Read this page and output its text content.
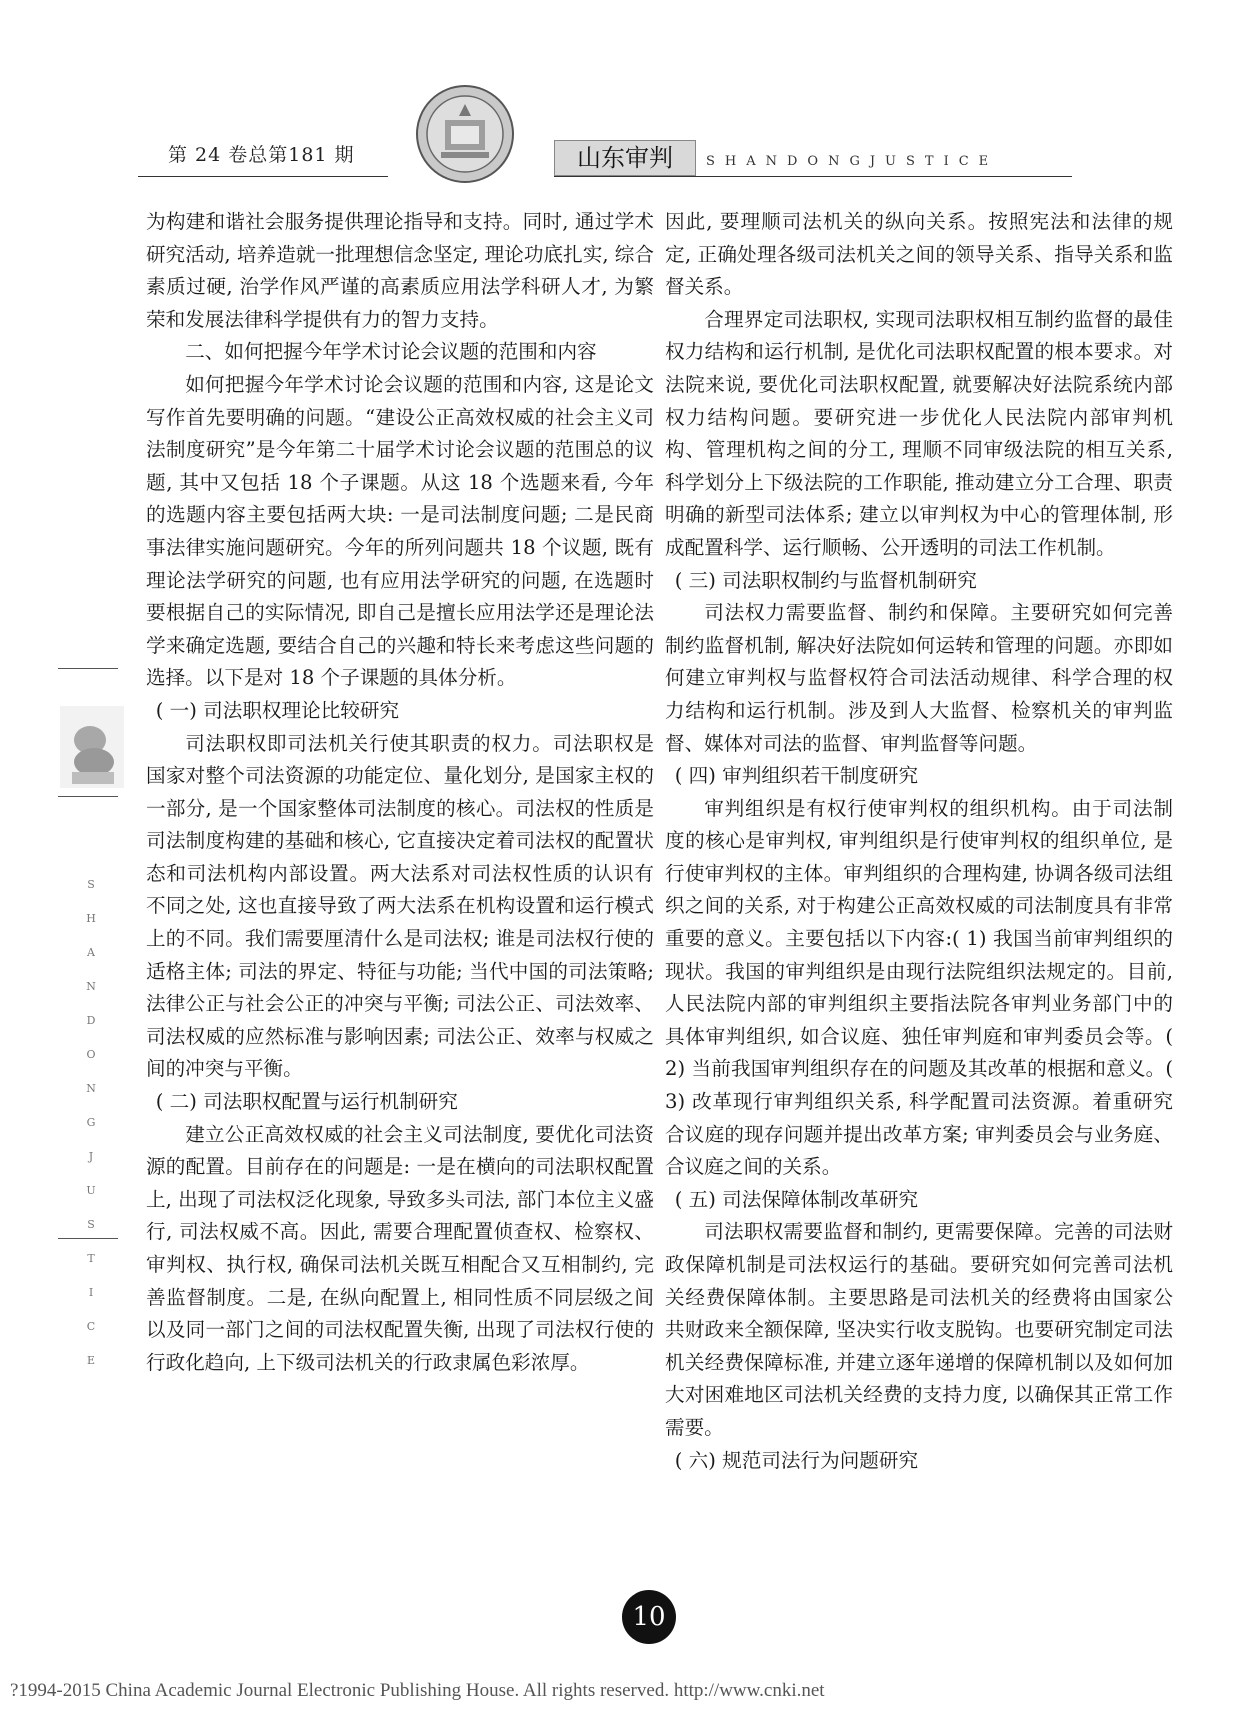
第 24 卷总第181 期	山东审判	SHANDONGJUSTICE
S
H
A
N
D
O
N
G
J
U
S
T
I
C
E

为构建和谐社会服务提供理论指导和支持。同时, 通过学术研究活动, 培养造就一批理想信念坚定, 理论功底扎实, 综合素质过硬, 治学作风严谨的高素质应用法学科研人才, 为繁荣和发展法律科学提供有力的智力支持。

二、如何把握今年学术讨论会议题的范围和内容

如何把握今年学术讨论会议题的范围和内容, 这是论文写作首先要明确的问题。“建设公正高效权威的社会主义司法制度研究”是今年第二十届学术讨论会议题的范围总的议题, 其中又包括 18 个子课题。从这 18 个选题来看, 今年的选题内容主要包括两大块: 一是司法制度问题; 二是民商事法律实施问题研究。今年的所列问题共 18 个议题, 既有理论法学研究的问题, 也有应用法学研究的问题, 在选题时要根据自己的实际情况, 即自己是擅长应用法学还是理论法学来确定选题, 要结合自己的兴趣和特长来考虑这些问题的选择。以下是对 18 个子课题的具体分析。

( 一) 司法职权理论比较研究

司法职权即司法机关行使其职责的权力。司法职权是国家对整个司法资源的功能定位、量化划分, 是国家主权的一部分, 是一个国家整体司法制度的核心。司法权的性质是司法制度构建的基础和核心, 它直接决定着司法权的配置状态和司法机构内部设置。两大法系对司法权性质的认识有不同之处, 这也直接导致了两大法系在机构设置和运行模式上的不同。我们需要厘清什么是司法权; 谁是司法权行使的适格主体; 司法的界定、特征与功能; 当代中国的司法策略; 法律公正与社会公正的冲突与平衡; 司法公正、司法效率、司法权威的应然标准与影响因素; 司法公正、效率与权威之间的冲突与平衡。

( 二) 司法职权配置与运行机制研究

建立公正高效权威的社会主义司法制度, 要优化司法资源的配置。目前存在的问题是: 一是在横向的司法职权配置上, 出现了司法权泛化现象, 导致多头司法, 部门本位主义盛行, 司法权威不高。因此, 需要合理配置侦查权、检察权、审判权、执行权, 确保司法机关既互相配合又互相制约, 完善监督制度。二是, 在纵向配置上, 相同性质不同层级之间以及同一部门之间的司法权配置失衡, 出现了司法权行使的行政化趋向, 上下级司法机关的行政隶属色彩浓厚。

因此, 要理顺司法机关的纵向关系。按照宪法和法律的规定, 正确处理各级司法机关之间的领导关系、指导关系和监督关系。

合理界定司法职权, 实现司法职权相互制约监督的最佳权力结构和运行机制, 是优化司法职权配置的根本要求。对法院来说, 要优化司法职权配置, 就要解决好法院系统内部权力结构问题。要研究进一步优化人民法院内部审判机构、管理机构之间的分工, 理顺不同审级法院的相互关系, 科学划分上下级法院的工作职能, 推动建立分工合理、职责明确的新型司法体系; 建立以审判权为中心的管理体制, 形成配置科学、运行顺畅、公开透明的司法工作机制。

( 三) 司法职权制约与监督机制研究

司法权力需要监督、制约和保障。主要研究如何完善制约监督机制, 解决好法院如何运转和管理的问题。亦即如何建立审判权与监督权符合司法活动规律、科学合理的权力结构和运行机制。涉及到人大监督、检察机关的审判监督、媒体对司法的监督、审判监督等问题。

( 四) 审判组织若干制度研究

审判组织是有权行使审判权的组织机构。由于司法制度的核心是审判权, 审判组织是行使审判权的组织单位, 是行使审判权的主体。审判组织的合理构建, 协调各级司法组织之间的关系, 对于构建公正高效权威的司法制度具有非常重要的意义。主要包括以下内容:( 1) 我国当前审判组织的现状。我国的审判组织是由现行法院组织法规定的。目前, 人民法院内部的审判组织主要指法院各审判业务部门中的具体审判组织, 如合议庭、独任审判庭和审判委员会等。( 2) 当前我国审判组织存在的问题及其改革的根据和意义。( 3) 改革现行审判组织关系, 科学配置司法资源。着重研究合议庭的现存问题并提出改革方案; 审判委员会与业务庭、合议庭之间的关系。

( 五) 司法保障体制改革研究

司法职权需要监督和制约, 更需要保障。完善的司法财政保障机制是司法权运行的基础。要研究如何完善司法机关经费保障体制。主要思路是司法机关的经费将由国家公共财政来全额保障, 坚决实行收支脱钩。也要研究制定司法机关经费保障标准, 并建立逐年递增的保障机制以及如何加大对困难地区司法机关经费的支持力度, 以确保其正常工作需要。

( 六) 规范司法行为问题研究

10
?1994-2015 China Academic Journal Electronic Publishing House. All rights reserved. http://www.cnki.net
